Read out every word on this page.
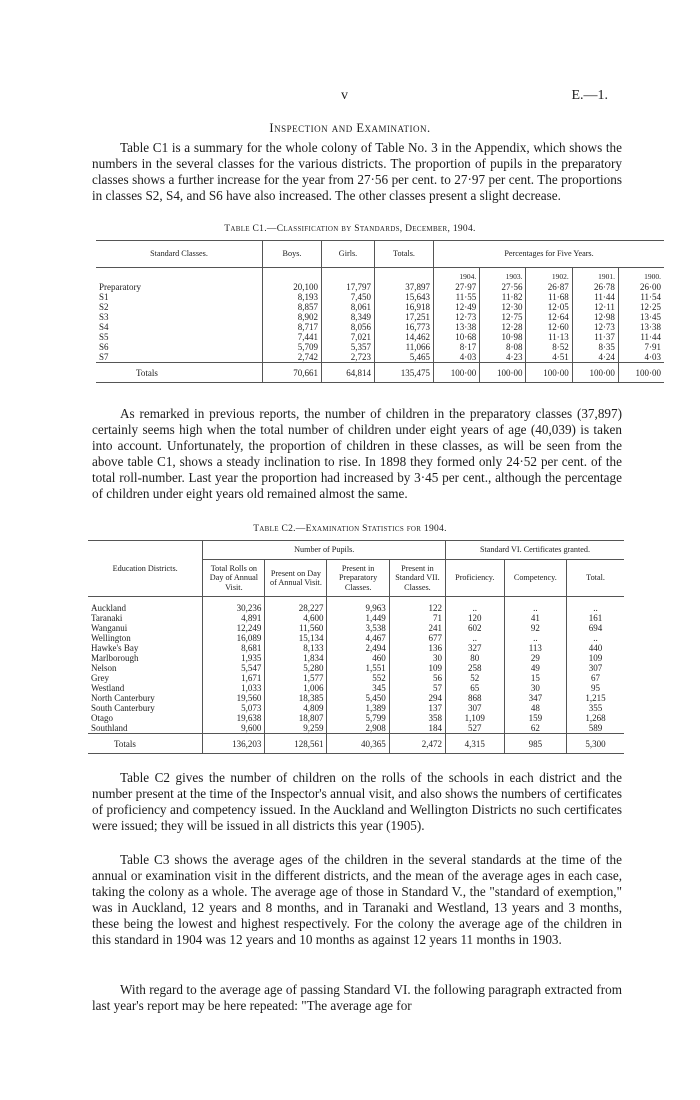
v	E.—1.
Inspection and Examination.

Table C1 is a summary for the whole colony of Table No. 3 in the Appendix, which shows the numbers in the several classes for the various districts. The proportion of pupils in the preparatory classes shows a further increase for the year from 27·56 per cent. to 27·97 per cent. The proportions in classes S2, S4, and S6 have also increased. The other classes present a slight decrease.

Table C1.—Classification by Standards, December, 1904.
Standard Classes.	Boys.	Girls.	Totals.	Percentages for Five Years.				
				1904.	1903.	1902.	1901.	1900.
Preparatory	20,100	17,797	37,897	27·97	27·56	26·87	26·78	26·00
S1	8,193	7,450	15,643	11·55	11·82	11·68	11·44	11·54
S2	8,857	8,061	16,918	12·49	12·30	12·05	12·11	12·25
S3	8,902	8,349	17,251	12·73	12·75	12·64	12·98	13·45
S4	8,717	8,056	16,773	13·38	12·28	12·60	12·73	13·38
S5	7,441	7,021	14,462	10·68	10·98	11·13	11·37	11·44
S6	5,709	5,357	11,066	8·17	8·08	8·52	8·35	7·91
S7	2,742	2,723	5,465	4·03	4·23	4·51	4·24	4·03
Totals	70,661	64,814	135,475	100·00	100·00	100·00	100·00	100·00

As remarked in previous reports, the number of children in the preparatory classes (37,897) certainly seems high when the total number of children under eight years of age (40,039) is taken into account. Unfortunately, the proportion of children in these classes, as will be seen from the above table C1, shows a steady inclination to rise. In 1898 they formed only 24·52 per cent. of the total roll-number. Last year the proportion had increased by 3·45 per cent., although the percentage of children under eight years old remained almost the same.

Table C2.—Examination Statistics for 1904.
Education Districts.	Number of Pupils.				Standard VI. Certificates granted.		
	Total Rolls on Day of Annual Visit.	Present on Day of Annual Visit.	Present in Preparatory Classes.	Present in Standard VII. Classes.	Proficiency.	Competency.	Total.

Auckland	30,236	28,227	9,963	122	..	..	..
Taranaki	4,891	4,600	1,449	71	120	41	161
Wanganui	12,249	11,560	3,538	241	602	92	694
Wellington	16,089	15,134	4,467	677	..	..	..
Hawke's Bay	8,681	8,133	2,494	136	327	113	440
Marlborough	1,935	1,834	460	30	80	29	109
Nelson	5,547	5,280	1,551	109	258	49	307
Grey	1,671	1,577	552	56	52	15	67
Westland	1,033	1,006	345	57	65	30	95
North Canterbury	19,560	18,385	5,450	294	868	347	1,215
South Canterbury	5,073	4,809	1,389	137	307	48	355
Otago	19,638	18,807	5,799	358	1,109	159	1,268
Southland	9,600	9,259	2,908	184	527	62	589
Totals	136,203	128,561	40,365	2,472	4,315	985	5,300

Table C2 gives the number of children on the rolls of the schools in each district and the number present at the time of the Inspector's annual visit, and also shows the numbers of certificates of proficiency and competency issued. In the Auckland and Wellington Districts no such certificates were issued; they will be issued in all districts this year (1905).

Table C3 shows the average ages of the children in the several standards at the time of the annual or examination visit in the different districts, and the mean of the average ages in each case, taking the colony as a whole. The average age of those in Standard V., the "standard of exemption," was in Auckland, 12 years and 8 months, and in Taranaki and Westland, 13 years and 3 months, these being the lowest and highest respectively. For the colony the average age of the children in this standard in 1904 was 12 years and 10 months as against 12 years 11 months in 1903.

With regard to the average age of passing Standard VI. the following paragraph extracted from last year's report may be here repeated: "The average age for
